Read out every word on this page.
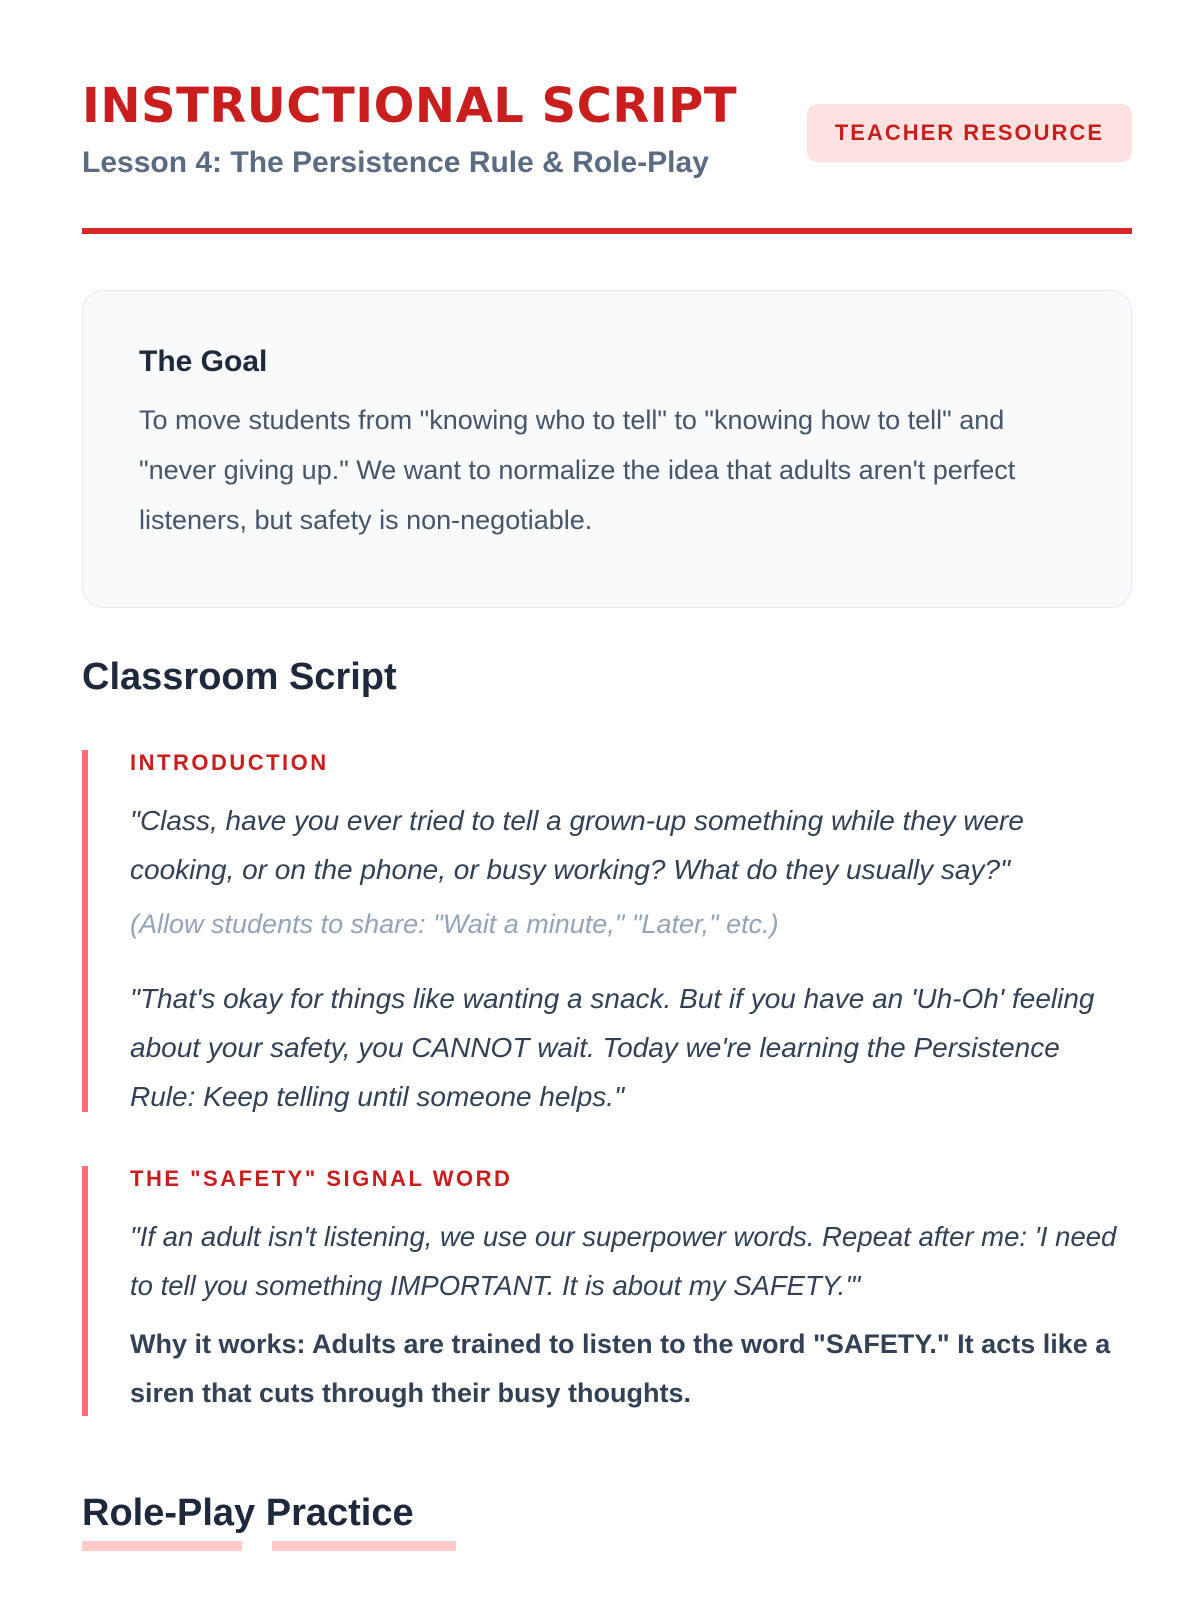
INSTRUCTIONAL SCRIPT

Lesson 4: The Persistence Rule & Role-Play

TEACHER RESOURCE
The Goal

To move students from "knowing who to tell" to "knowing how to tell" and "never giving up." We want to normalize the idea that adults aren't perfect listeners, but safety is non-negotiable.

Classroom Script

INTRODUCTION

"Class, have you ever tried to tell a grown-up something while they were cooking, or on the phone, or busy working? What do they usually say?"

(Allow students to share: "Wait a minute," "Later," etc.)

"That's okay for things like wanting a snack. But if you have an 'Uh-Oh' feeling about your safety, you CANNOT wait. Today we're learning the Persistence Rule: Keep telling until someone helps."

THE "SAFETY" SIGNAL WORD

"If an adult isn't listening, we use our superpower words. Repeat after me: 'I need to tell you something IMPORTANT. It is about my SAFETY.'"

Why it works: Adults are trained to listen to the word "SAFETY." It acts like a siren that cuts through their busy thoughts.

Role-Play Practice
